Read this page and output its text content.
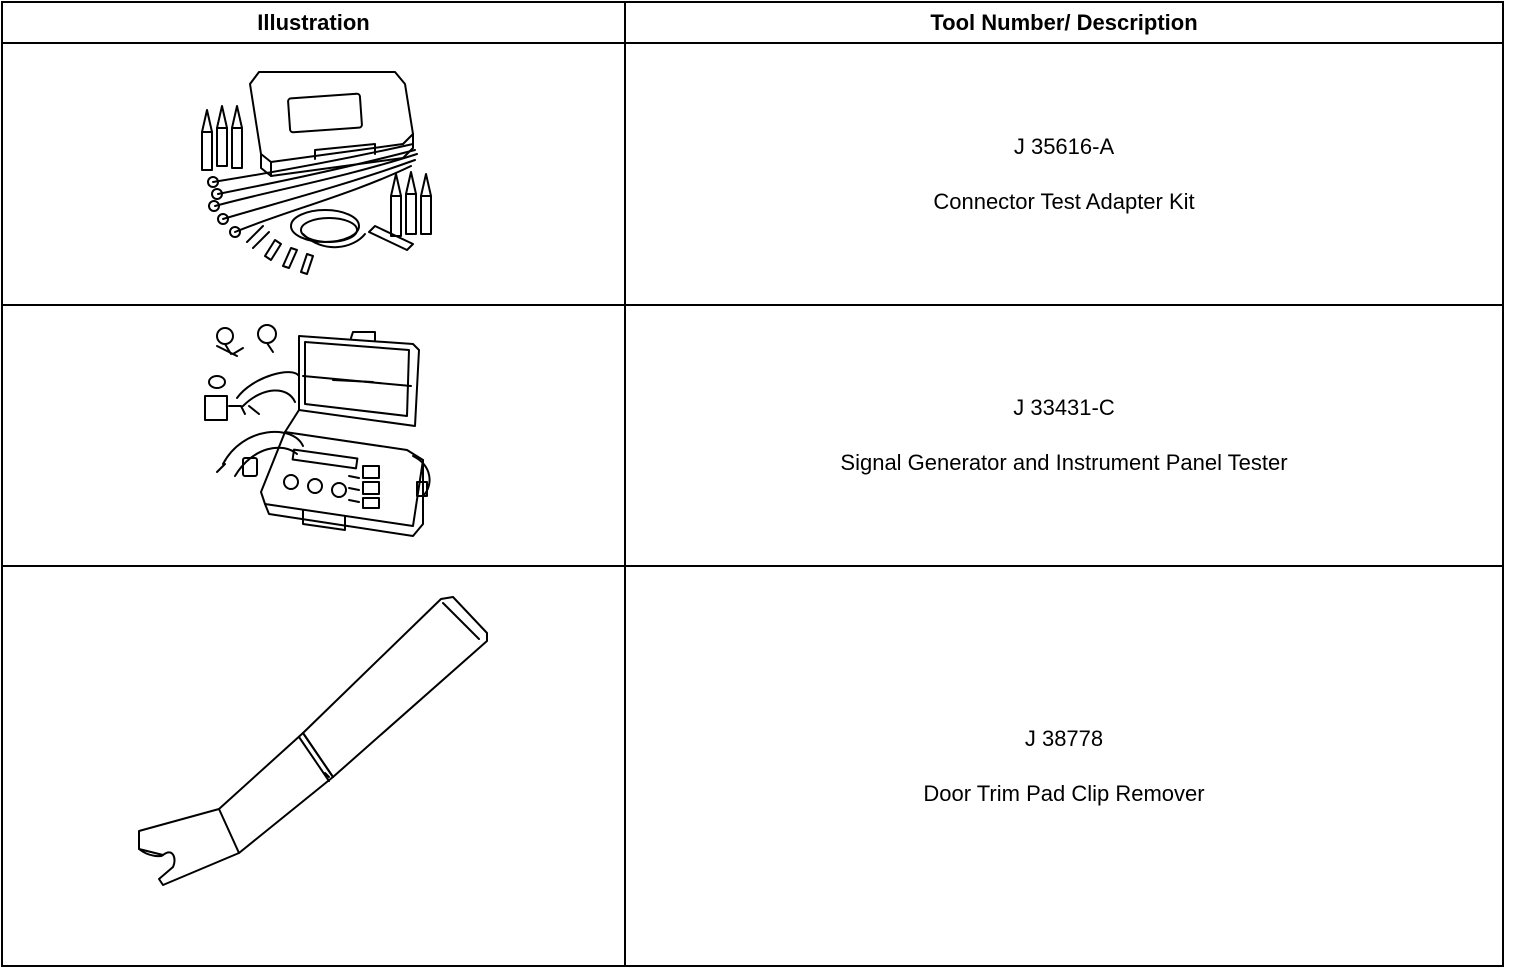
Illustration	Tool Number/ Description

J 35616-A
Connector Test Adapter Kit

J 33431-C
Signal Generator and Instrument Panel Tester

J 38778
Door Trim Pad Clip Remover
